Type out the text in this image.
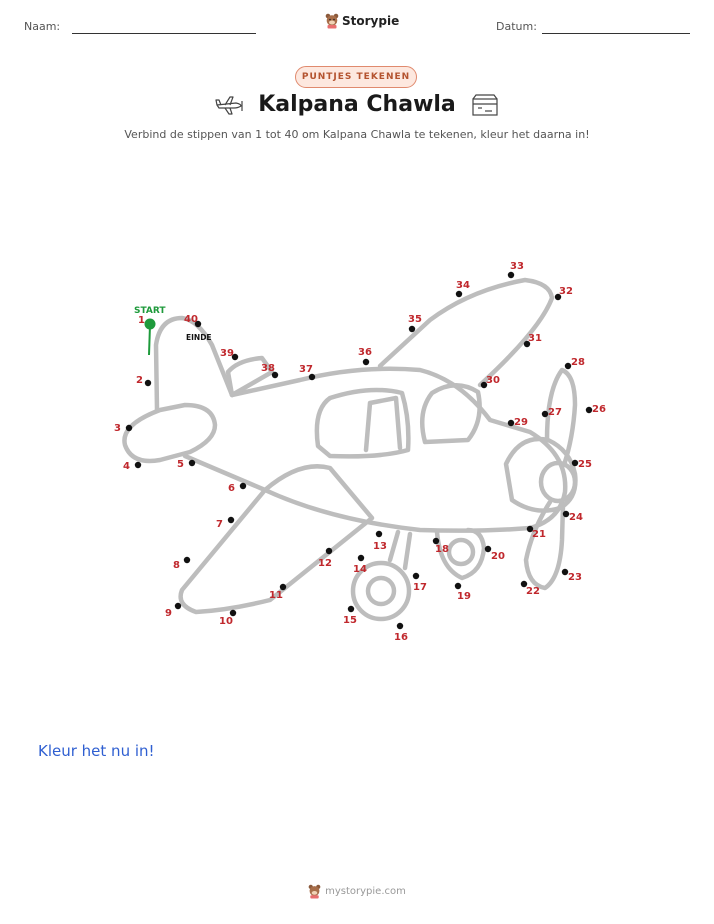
Naam:	Storypie	Datum:
PUNTJES TEKENEN
Kalpana Chawla
Verbind de stippen van 1 tot 40 om Kalpana Chawla te tekenen, kleur het daarna in!
START
EINDE
2
3
4	5
6
7
8
9
10
11
12
13
14
15
16
17
18
19
20
21
22
23
24
25
26
27
28
29
30
31
32
33
34
35
36
37
38
39
40
1
Kleur het nu in!
mystorypie.com
